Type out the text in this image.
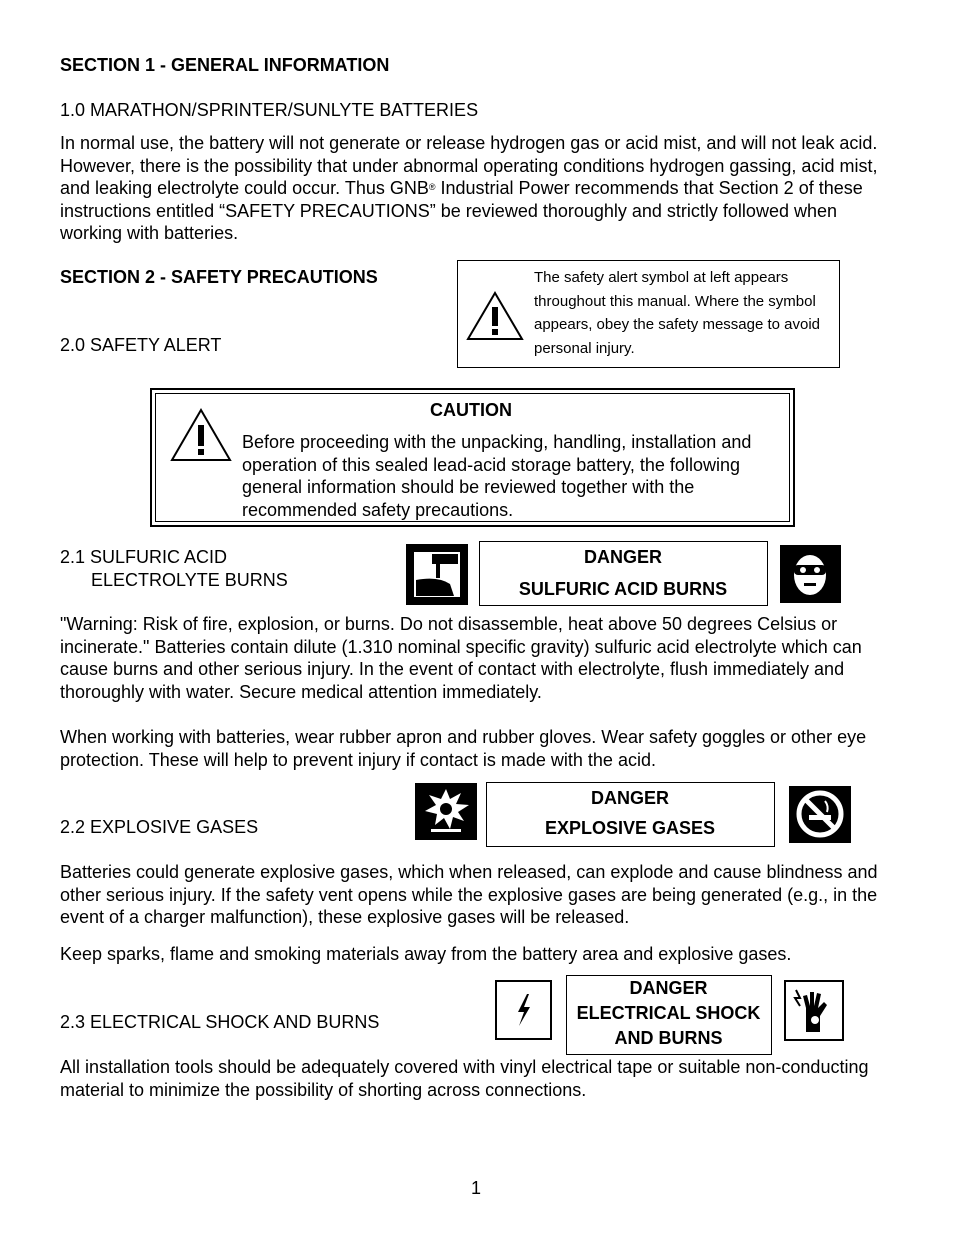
SECTION 1 - GENERAL INFORMATION
1.0 MARATHON/SPRINTER/SUNLYTE BATTERIES
In normal use, the battery will not generate or release hydrogen gas or acid mist, and will not leak acid. However, there is the possibility that under abnormal operating conditions hydrogen gassing, acid mist, and leaking electrolyte could occur. Thus GNB® Industrial Power recommends that Section 2 of these instructions entitled “SAFETY PRECAUTIONS” be reviewed thoroughly and strictly followed when working with batteries.
SECTION 2 - SAFETY PRECAUTIONS
2.0 SAFETY ALERT
The safety alert symbol at left appears throughout this manual. Where the symbol appears, obey the safety message to avoid personal injury.
CAUTION
Before proceeding with the unpacking, handling, installation and operation of this sealed lead-acid storage battery, the following general information should be reviewed together with the recommended safety precautions.
2.1 SULFURIC ACID
ELECTROLYTE BURNS
DANGER
SULFURIC ACID BURNS
"Warning: Risk of fire, explosion, or burns. Do not disassemble, heat above 50 degrees Celsius or incinerate." Batteries contain dilute (1.310 nominal specific gravity) sulfuric acid electrolyte which can cause burns and other serious injury. In the event of contact with electrolyte, flush immediately and thoroughly with water. Secure medical attention immediately.
When working with batteries, wear rubber apron and rubber gloves. Wear safety goggles or other eye protection. These will help to prevent injury if contact is made with the acid.
2.2 EXPLOSIVE GASES
DANGER
EXPLOSIVE GASES
Batteries could generate explosive gases, which when released, can explode and cause blindness and other serious injury. If the safety vent opens while the explosive gases are being generated (e.g., in the event of a charger malfunction), these explosive gases will be released.
Keep sparks, flame and smoking materials away from the battery area and explosive gases.
2.3 ELECTRICAL SHOCK AND BURNS
DANGER
ELECTRICAL SHOCK
AND BURNS
All installation tools should be adequately covered with vinyl electrical tape or suitable non-conducting material to minimize the possibility of shorting across connections.
1
